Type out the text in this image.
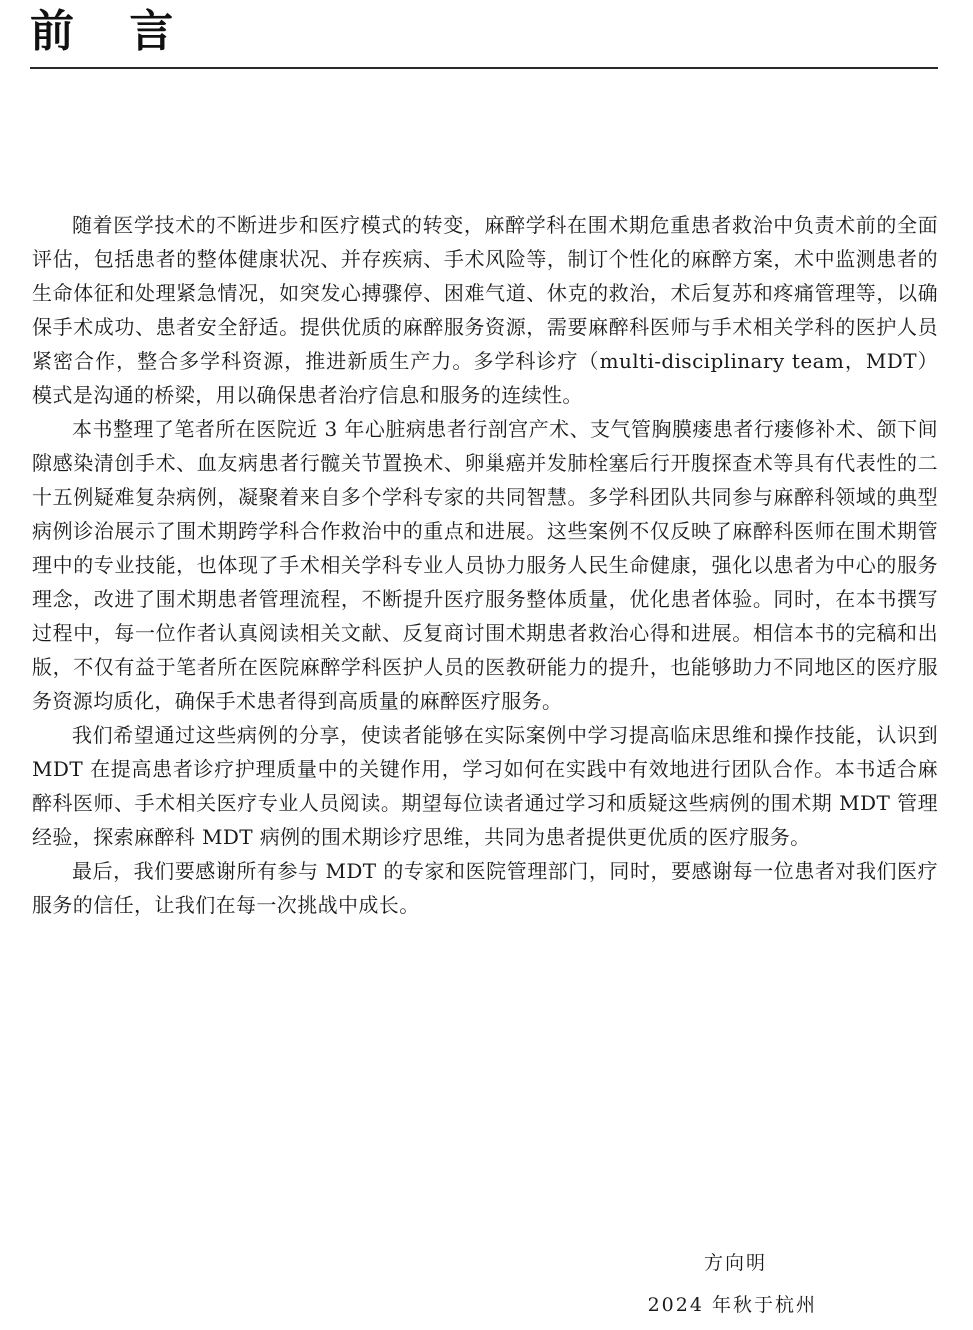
前 言

随着医学技术的不断进步和医疗模式的转变，麻醉学科在围术期危重患者救治中负责术前的全面评估，包括患者的整体健康状况、并存疾病、手术风险等，制订个性化的麻醉方案，术中监测患者的生命体征和处理紧急情况，如突发心搏骤停、困难气道、休克的救治，术后复苏和疼痛管理等，以确保手术成功、患者安全舒适。提供优质的麻醉服务资源，需要麻醉科医师与手术相关学科的医护人员紧密合作，整合多学科资源，推进新质生产力。多学科诊疗（multi-disciplinary team，MDT）模式是沟通的桥梁，用以确保患者治疗信息和服务的连续性。

本书整理了笔者所在医院近 3 年心脏病患者行剖宫产术、支气管胸膜瘘患者行瘘修补术、颌下间隙感染清创手术、血友病患者行髋关节置换术、卵巢癌并发肺栓塞后行开腹探查术等具有代表性的二十五例疑难复杂病例，凝聚着来自多个学科专家的共同智慧。多学科团队共同参与麻醉科领域的典型病例诊治展示了围术期跨学科合作救治中的重点和进展。这些案例不仅反映了麻醉科医师在围术期管理中的专业技能，也体现了手术相关学科专业人员协力服务人民生命健康，强化以患者为中心的服务理念，改进了围术期患者管理流程，不断提升医疗服务整体质量，优化患者体验。同时，在本书撰写过程中，每一位作者认真阅读相关文献、反复商讨围术期患者救治心得和进展。相信本书的完稿和出版，不仅有益于笔者所在医院麻醉学科医护人员的医教研能力的提升，也能够助力不同地区的医疗服务资源均质化，确保手术患者得到高质量的麻醉医疗服务。

我们希望通过这些病例的分享，使读者能够在实际案例中学习提高临床思维和操作技能，认识到 MDT 在提高患者诊疗护理质量中的关键作用，学习如何在实践中有效地进行团队合作。本书适合麻醉科医师、手术相关医疗专业人员阅读。期望每位读者通过学习和质疑这些病例的围术期 MDT 管理经验，探索麻醉科 MDT 病例的围术期诊疗思维，共同为患者提供更优质的医疗服务。

最后，我们要感谢所有参与 MDT 的专家和医院管理部门，同时，要感谢每一位患者对我们医疗服务的信任，让我们在每一次挑战中成长。

方向明
2024 年秋于杭州
